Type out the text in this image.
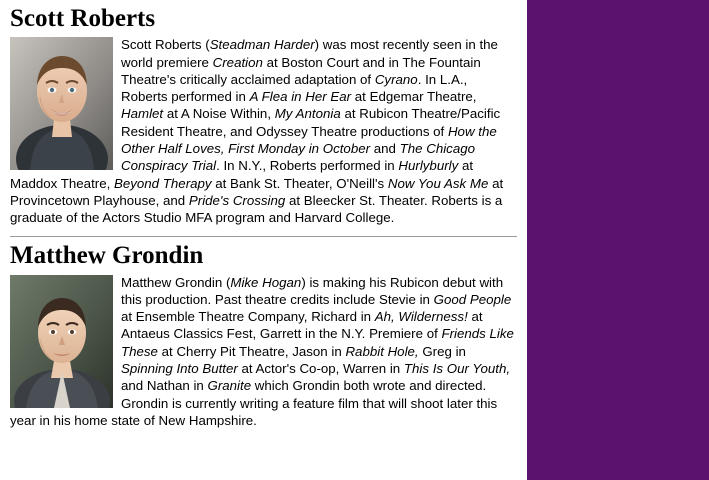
Scott Roberts
Scott Roberts (Steadman Harder) was most recently seen in the world premiere Creation at Boston Court and in The Fountain Theatre's critically acclaimed adaptation of Cyrano. In L.A., Roberts performed in A Flea in Her Ear at Edgemar Theatre, Hamlet at A Noise Within, My Antonia at Rubicon Theatre/Pacific Resident Theatre, and Odyssey Theatre productions of How the Other Half Loves, First Monday in October and The Chicago Conspiracy Trial. In N.Y., Roberts performed in Hurlyburly at Maddox Theatre, Beyond Therapy at Bank St. Theater, O'Neill's Now You Ask Me at Provincetown Playhouse, and Pride's Crossing at Bleecker St. Theater. Roberts is a graduate of the Actors Studio MFA program and Harvard College.
Matthew Grondin
Matthew Grondin (Mike Hogan) is making his Rubicon debut with this production. Past theatre credits include Stevie in Good People at Ensemble Theatre Company, Richard in Ah, Wilderness! at Antaeus Classics Fest, Garrett in the N.Y. Premiere of Friends Like These at Cherry Pit Theatre, Jason in Rabbit Hole, Greg in Spinning Into Butter at Actor's Co-op, Warren in This Is Our Youth, and Nathan in Granite which Grondin both wrote and directed. Grondin is currently writing a feature film that will shoot later this year in his home state of New Hampshire.
